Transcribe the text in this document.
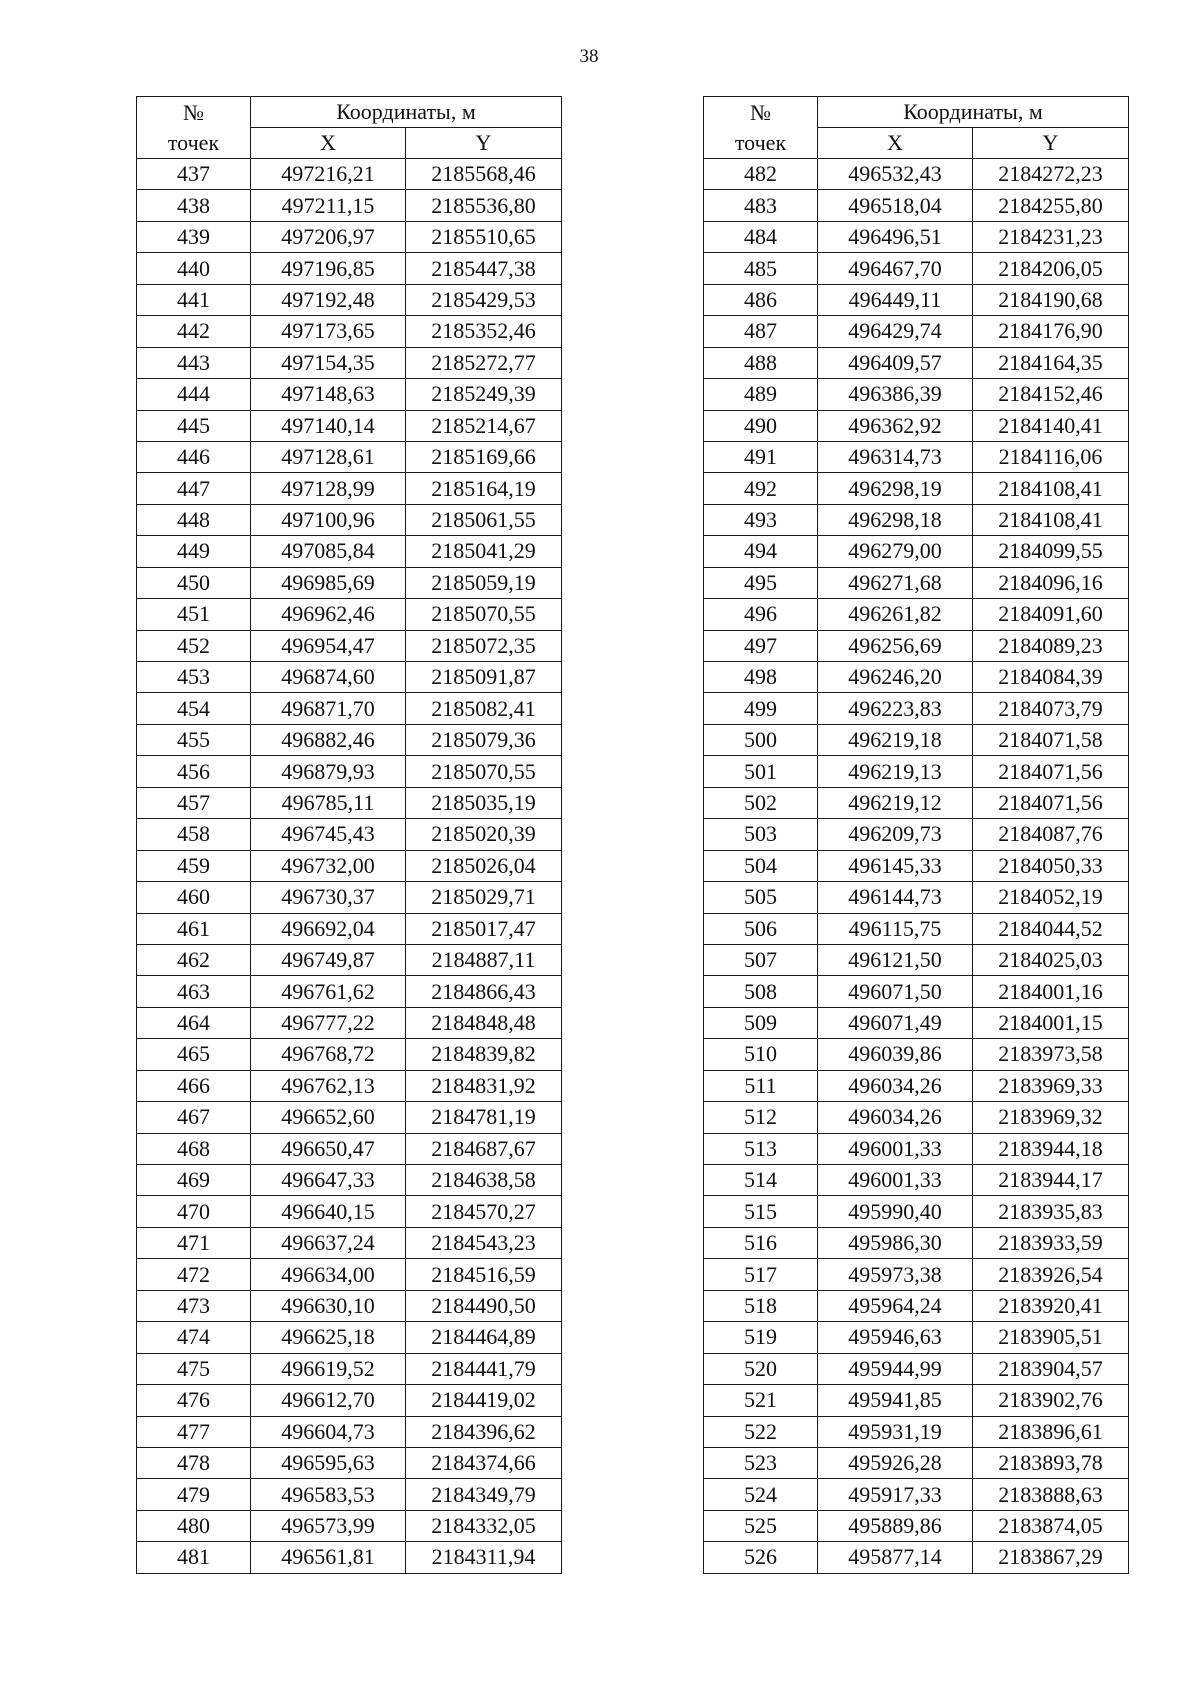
38
№
точек	Координаты, м	
	X	Y
437	497216,21	2185568,46
438	497211,15	2185536,80
439	497206,97	2185510,65
440	497196,85	2185447,38
441	497192,48	2185429,53
442	497173,65	2185352,46
443	497154,35	2185272,77
444	497148,63	2185249,39
445	497140,14	2185214,67
446	497128,61	2185169,66
447	497128,99	2185164,19
448	497100,96	2185061,55
449	497085,84	2185041,29
450	496985,69	2185059,19
451	496962,46	2185070,55
452	496954,47	2185072,35
453	496874,60	2185091,87
454	496871,70	2185082,41
455	496882,46	2185079,36
456	496879,93	2185070,55
457	496785,11	2185035,19
458	496745,43	2185020,39
459	496732,00	2185026,04
460	496730,37	2185029,71
461	496692,04	2185017,47
462	496749,87	2184887,11
463	496761,62	2184866,43
464	496777,22	2184848,48
465	496768,72	2184839,82
466	496762,13	2184831,92
467	496652,60	2184781,19
468	496650,47	2184687,67
469	496647,33	2184638,58
470	496640,15	2184570,27
471	496637,24	2184543,23
472	496634,00	2184516,59
473	496630,10	2184490,50
474	496625,18	2184464,89
475	496619,52	2184441,79
476	496612,70	2184419,02
477	496604,73	2184396,62
478	496595,63	2184374,66
479	496583,53	2184349,79
480	496573,99	2184332,05
481	496561,81	2184311,94
№
точек	Координаты, м	
	X	Y
482	496532,43	2184272,23
483	496518,04	2184255,80
484	496496,51	2184231,23
485	496467,70	2184206,05
486	496449,11	2184190,68
487	496429,74	2184176,90
488	496409,57	2184164,35
489	496386,39	2184152,46
490	496362,92	2184140,41
491	496314,73	2184116,06
492	496298,19	2184108,41
493	496298,18	2184108,41
494	496279,00	2184099,55
495	496271,68	2184096,16
496	496261,82	2184091,60
497	496256,69	2184089,23
498	496246,20	2184084,39
499	496223,83	2184073,79
500	496219,18	2184071,58
501	496219,13	2184071,56
502	496219,12	2184071,56
503	496209,73	2184087,76
504	496145,33	2184050,33
505	496144,73	2184052,19
506	496115,75	2184044,52
507	496121,50	2184025,03
508	496071,50	2184001,16
509	496071,49	2184001,15
510	496039,86	2183973,58
511	496034,26	2183969,33
512	496034,26	2183969,32
513	496001,33	2183944,18
514	496001,33	2183944,17
515	495990,40	2183935,83
516	495986,30	2183933,59
517	495973,38	2183926,54
518	495964,24	2183920,41
519	495946,63	2183905,51
520	495944,99	2183904,57
521	495941,85	2183902,76
522	495931,19	2183896,61
523	495926,28	2183893,78
524	495917,33	2183888,63
525	495889,86	2183874,05
526	495877,14	2183867,29
